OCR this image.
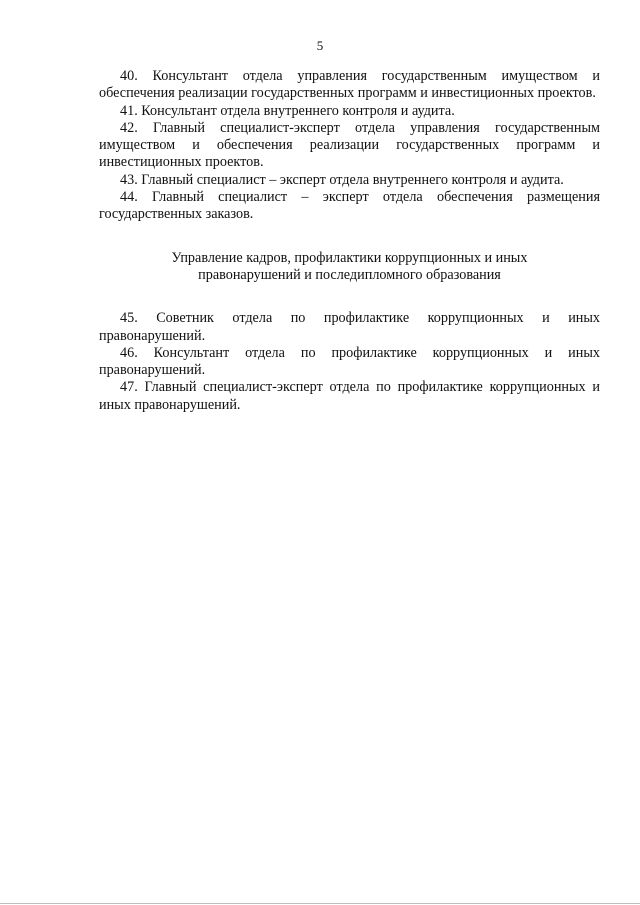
5

40. Консультант отдела управления государственным имуществом и обеспечения реализации государственных программ и инвестиционных проектов.

41. Консультант отдела внутреннего контроля и аудита.

42. Главный специалист-эксперт отдела управления государственным имуществом и обеспечения реализации государственных программ и инвестиционных проектов.

43. Главный специалист – эксперт отдела внутреннего контроля и аудита.

44. Главный специалист – эксперт отдела обеспечения размещения государственных заказов.

Управление кадров, профилактики коррупционных и иных
правонарушений и последипломного образования

45. Советник отдела по профилактике коррупционных и иных правонарушений.

46. Консультант отдела по профилактике коррупционных и иных правонарушений.

47. Главный специалист-эксперт отдела по профилактике коррупционных и иных правонарушений.
